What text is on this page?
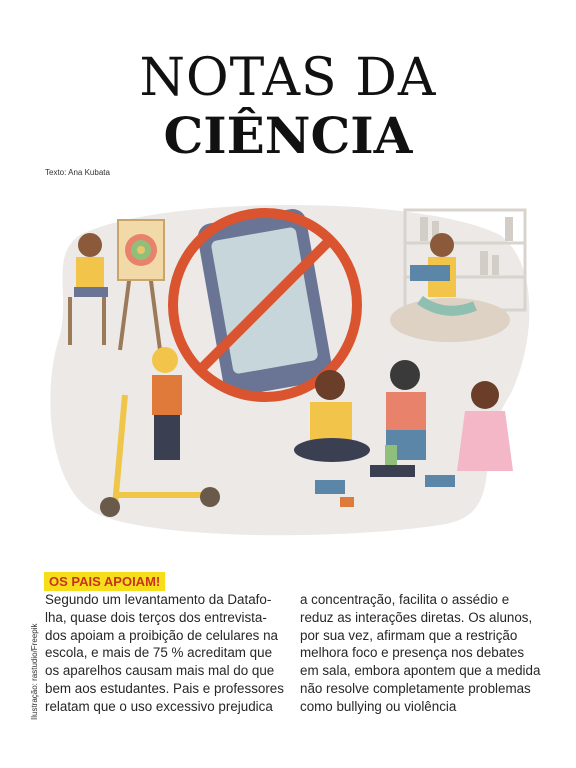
NOTAS DA
CIÊNCIA
Texto: Ana Kubata
Ilustração: rastudio/Freepik
OS PAIS APOIAM!
Segundo um levantamento da Datafo-
lha, quase dois terços dos entrevista-
dos apoiam a proibição de celulares na
escola, e mais de 75 % acreditam que
os aparelhos causam mais mal do que
bem aos estudantes. Pais e professores
relatam que o uso excessivo prejudica
a concentração, facilita o assédio e
reduz as interações diretas. Os alunos,
por sua vez, afirmam que a restrição
melhora foco e presença nos debates
em sala, embora apontem que a medida
não resolve completamente problemas
como bullying ou violência
